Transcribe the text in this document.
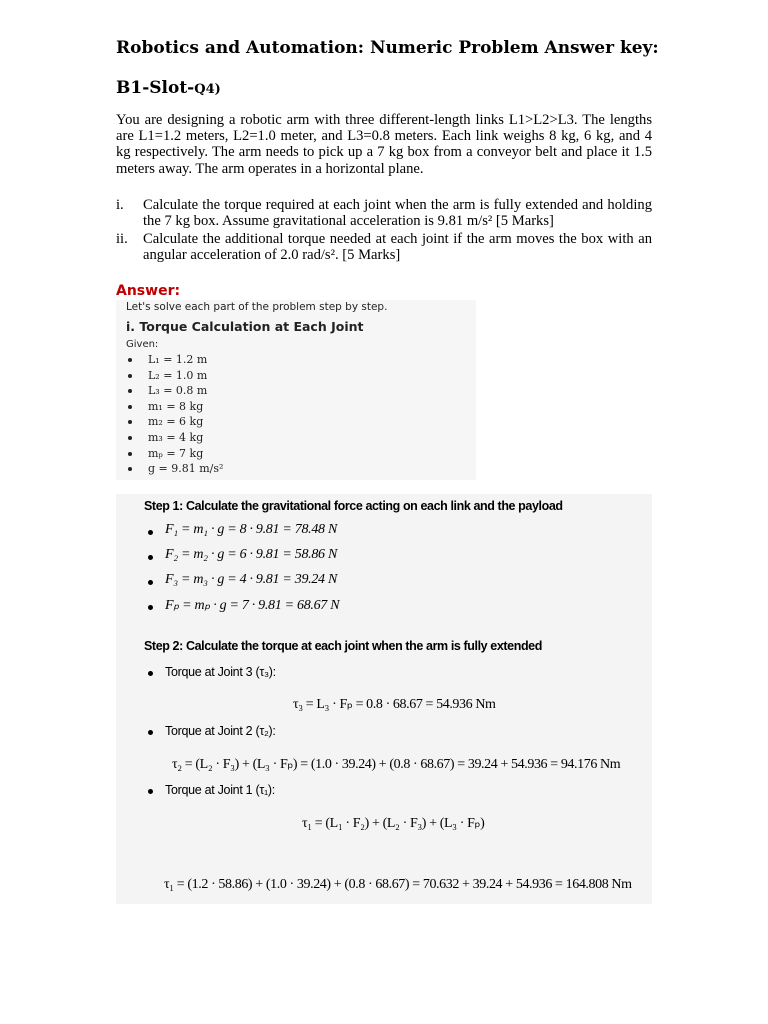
Robotics and Automation: Numeric Problem Answer key:
B1-Slot-Q4)
You are designing a robotic arm with three different-length links L1>L2>L3. The lengths are L1=1.2 meters, L2=1.0 meter, and L3=0.8 meters. Each link weighs 8 kg, 6 kg, and 4 kg respectively. The arm needs to pick up a 7 kg box from a conveyor belt and place it 1.5 meters away. The arm operates in a horizontal plane.
i. Calculate the torque required at each joint when the arm is fully extended and holding the 7 kg box. Assume gravitational acceleration is 9.81 m/s² [5 Marks]
ii. Calculate the additional torque needed at each joint if the arm moves the box with an angular acceleration of 2.0 rad/s². [5 Marks]
Answer:
Let's solve each part of the problem step by step.
i. Torque Calculation at Each Joint
Given:
L₁ = 1.2 m
L₂ = 1.0 m
L₃ = 0.8 m
m₁ = 8 kg
m₂ = 6 kg
m₃ = 4 kg
mₚ = 7 kg
g = 9.81 m/s²
Step 1: Calculate the gravitational force acting on each link and the payload
F₁ = m₁ · g = 8 · 9.81 = 78.48 N
F₂ = m₂ · g = 6 · 9.81 = 58.86 N
F₃ = m₃ · g = 4 · 9.81 = 39.24 N
Fₚ = mₚ · g = 7 · 9.81 = 68.67 N
Step 2: Calculate the torque at each joint when the arm is fully extended
Torque at Joint 3 (τ₃):
τ₃ = L₃ · Fₚ = 0.8 · 68.67 = 54.936 Nm
Torque at Joint 2 (τ₂):
τ₂ = (L₂ · F₃) + (L₃ · Fₚ) = (1.0 · 39.24) + (0.8 · 68.67) = 39.24 + 54.936 = 94.176 Nm
Torque at Joint 1 (τ₁):
τ₁ = (L₁ · F₂) + (L₂ · F₃) + (L₃ · Fₚ)
τ₁ = (1.2 · 58.86) + (1.0 · 39.24) + (0.8 · 68.67) = 70.632 + 39.24 + 54.936 = 164.808 Nm
